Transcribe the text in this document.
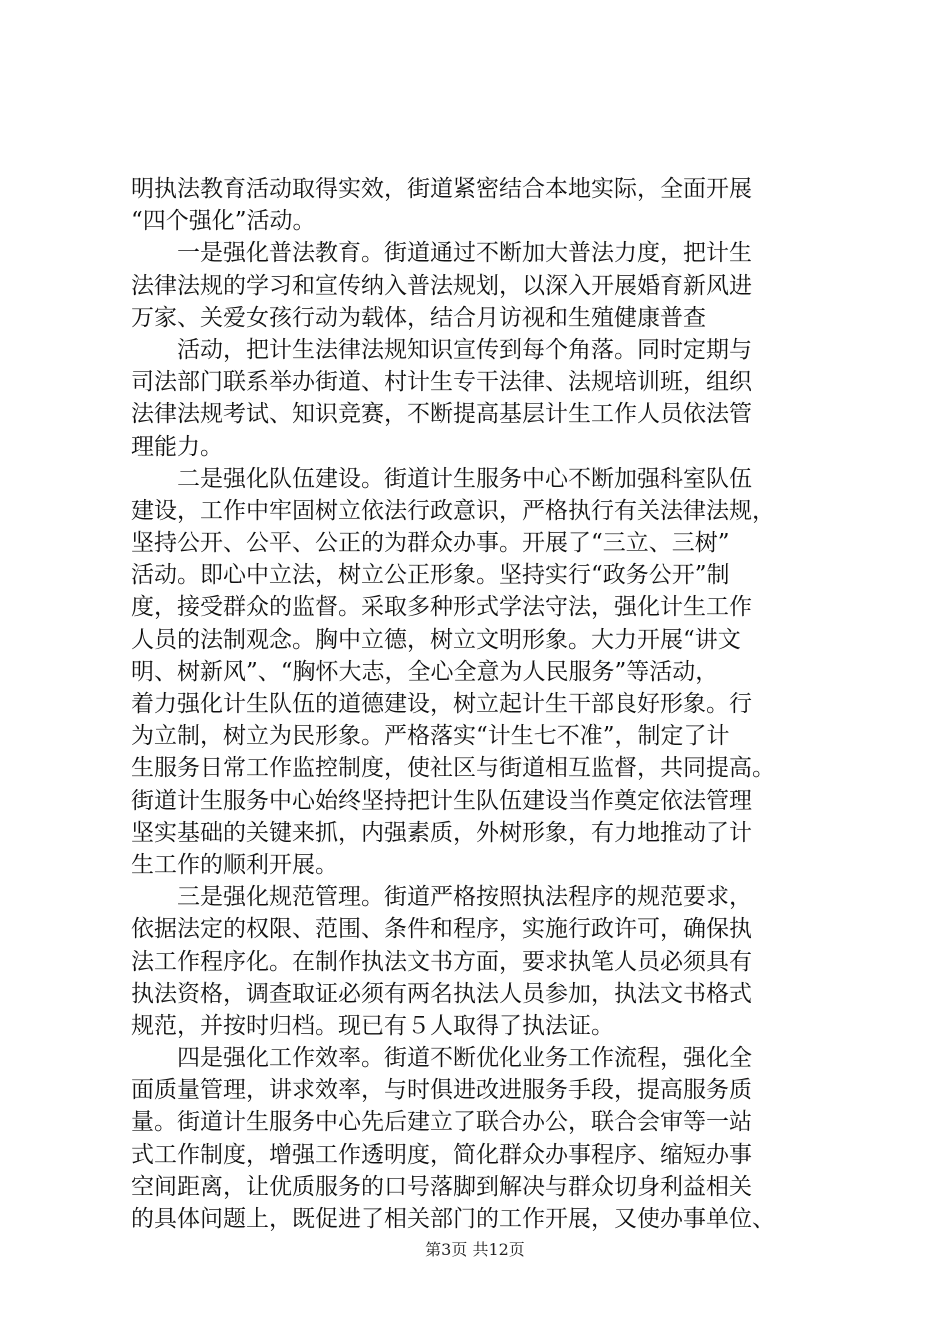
明执法教育活动取得实效，街道紧密结合本地实际，全面开展
“四个强化”活动。
　　一是强化普法教育。街道通过不断加大普法力度，把计生
法律法规的学习和宣传纳入普法规划，以深入开展婚育新风进
万家、关爱女孩行动为载体，结合月访视和生殖健康普查
　　活动，把计生法律法规知识宣传到每个角落。同时定期与
司法部门联系举办街道、村计生专干法律、法规培训班，组织
法律法规考试、知识竞赛，不断提高基层计生工作人员依法管
理能力。
　　二是强化队伍建设。街道计生服务中心不断加强科室队伍
建设，工作中牢固树立依法行政意识，严格执行有关法律法规，
坚持公开、公平、公正的为群众办事。开展了“三立、三树”
活动。即心中立法，树立公正形象。坚持实行“政务公开”制
度，接受群众的监督。采取多种形式学法守法，强化计生工作
人员的法制观念。胸中立德，树立文明形象。大力开展“讲文
明、树新风”、“胸怀大志，全心全意为人民服务”等活动，
着力强化计生队伍的道德建设，树立起计生干部良好形象。行
为立制，树立为民形象。严格落实“计生七不准”，制定了计
生服务日常工作监控制度，使社区与街道相互监督，共同提高。
街道计生服务中心始终坚持把计生队伍建设当作奠定依法管理
坚实基础的关键来抓，内强素质，外树形象，有力地推动了计
生工作的顺利开展。
　　三是强化规范管理。街道严格按照执法程序的规范要求，
依据法定的权限、范围、条件和程序，实施行政许可，确保执
法工作程序化。在制作执法文书方面，要求执笔人员必须具有
执法资格，调查取证必须有两名执法人员参加，执法文书格式
规范，并按时归档。现已有５人取得了执法证。
　　四是强化工作效率。街道不断优化业务工作流程，强化全
面质量管理，讲求效率，与时俱进改进服务手段，提高服务质
量。街道计生服务中心先后建立了联合办公，联合会审等一站
式工作制度，增强工作透明度，简化群众办事程序、缩短办事
空间距离，让优质服务的口号落脚到解决与群众切身利益相关
的具体问题上，既促进了相关部门的工作开展，又使办事单位、
第3页 共12页
